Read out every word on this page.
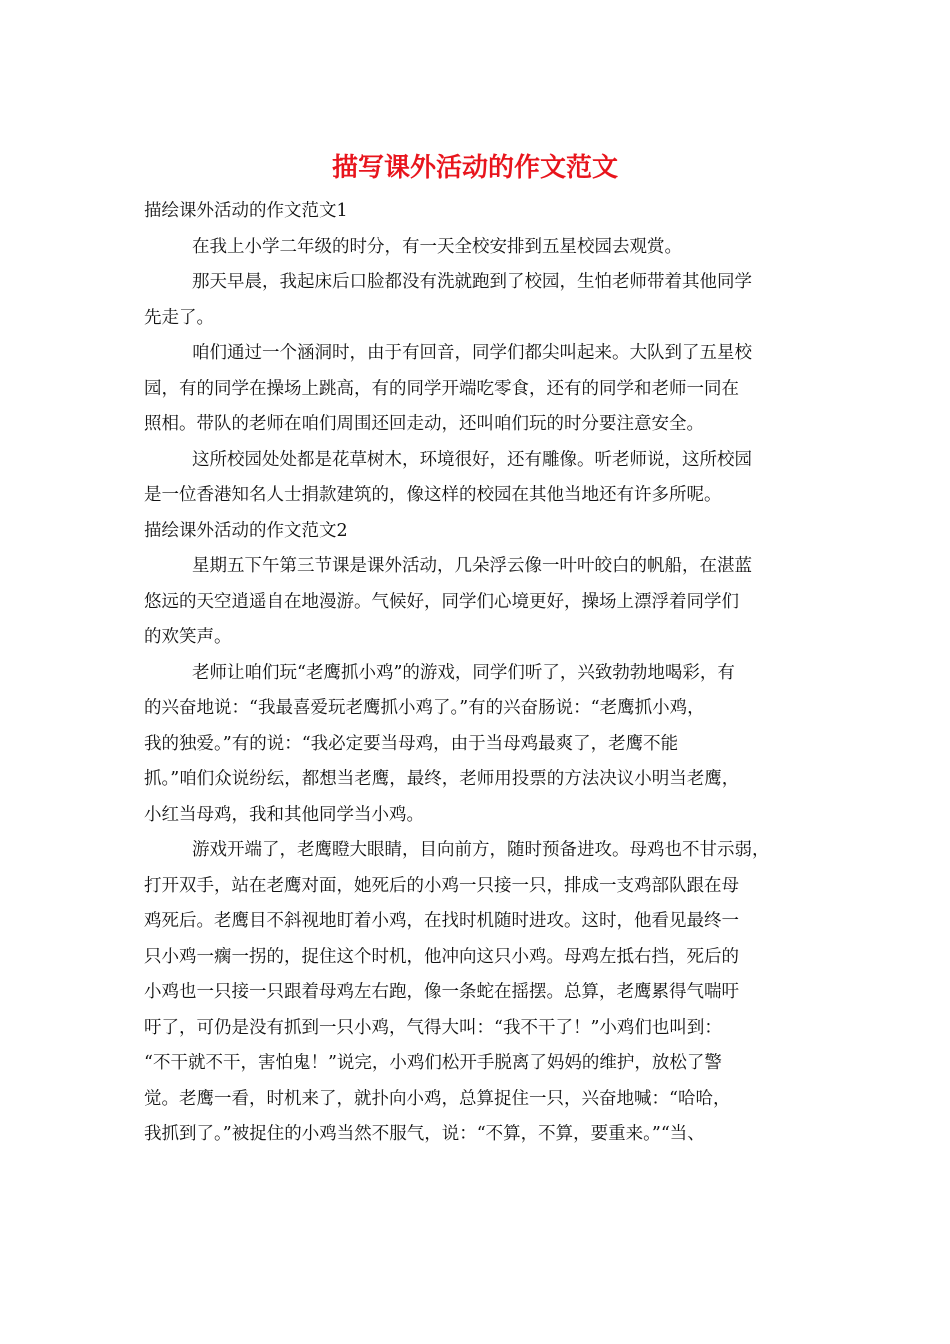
描写课外活动的作文范文
描绘课外活动的作文范文1
在我上小学二年级的时分，有一天全校安排到五星校园去观赏。
那天早晨，我起床后口脸都没有洗就跑到了校园，生怕老师带着其他同学
先走了。
咱们通过一个涵洞时，由于有回音，同学们都尖叫起来。大队到了五星校
园，有的同学在操场上跳高，有的同学开端吃零食，还有的同学和老师一同在
照相。带队的老师在咱们周围还回走动，还叫咱们玩的时分要注意安全。
这所校园处处都是花草树木，环境很好，还有雕像。听老师说，这所校园
是一位香港知名人士捐款建筑的，像这样的校园在其他当地还有许多所呢。
描绘课外活动的作文范文2
星期五下午第三节课是课外活动，几朵浮云像一叶叶皎白的帆船，在湛蓝
悠远的天空逍遥自在地漫游。气候好，同学们心境更好，操场上漂浮着同学们
的欢笑声。
老师让咱们玩“老鹰抓小鸡”的游戏，同学们听了，兴致勃勃地喝彩，有
的兴奋地说：“我最喜爱玩老鹰抓小鸡了。”有的兴奋肠说：“老鹰抓小鸡，
我的独爱。”有的说：“我必定要当母鸡，由于当母鸡最爽了，老鹰不能
抓。”咱们众说纷纭，都想当老鹰，最终，老师用投票的方法决议小明当老鹰，
小红当母鸡，我和其他同学当小鸡。
游戏开端了，老鹰瞪大眼睛，目向前方，随时预备进攻。母鸡也不甘示弱，
打开双手，站在老鹰对面，她死后的小鸡一只接一只，排成一支鸡部队跟在母
鸡死后。老鹰目不斜视地盯着小鸡，在找时机随时进攻。这时，他看见最终一
只小鸡一瘸一拐的，捉住这个时机，他冲向这只小鸡。母鸡左抵右挡，死后的
小鸡也一只接一只跟着母鸡左右跑，像一条蛇在摇摆。总算，老鹰累得气喘吁
吁了，可仍是没有抓到一只小鸡，气得大叫：“我不干了！”小鸡们也叫到：
“不干就不干，害怕鬼！”说完，小鸡们松开手脱离了妈妈的维护，放松了警
觉。老鹰一看，时机来了，就扑向小鸡，总算捉住一只，兴奋地喊：“哈哈，
我抓到了。”被捉住的小鸡当然不服气，说：“不算，不算，要重来。”“当、
